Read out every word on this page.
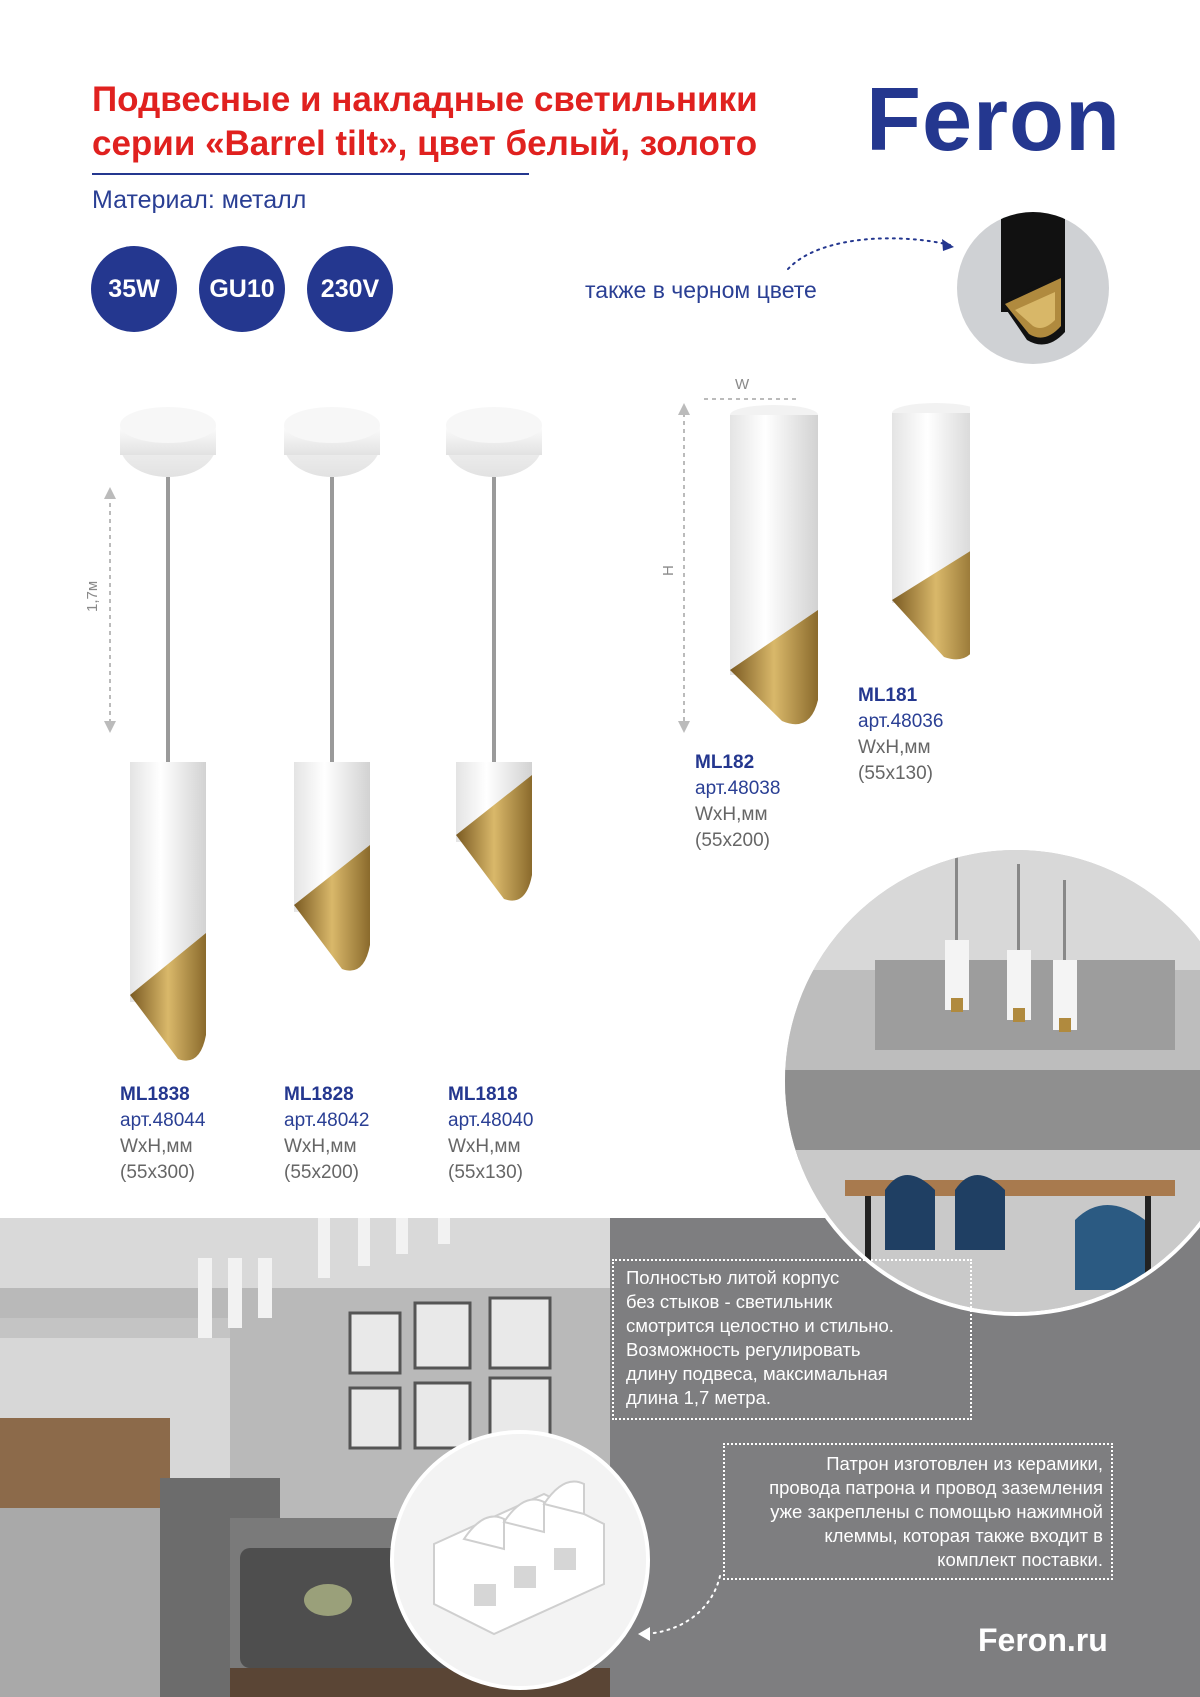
Подвесные и накладные светильники
серии «Barrel tilt», цвет белый, золото
Материал: металл
Feron
35W	GU10	230V	также в черном цвете
1,7м
ML1838
арт.48044
WxH,мм
(55x300)
ML1828
арт.48042
WxH,мм
(55x200)
ML1818
арт.48040
WxH,мм
(55x130)
W
H
ML182
арт.48038
WxH,мм
(55x200)
ML181
арт.48036
WxH,мм
(55x130)
Полностью литой корпус
без стыков - светильник
смотрится целостно и стильно.
Возможность регулировать
длину подвеса, максимальная
длина 1,7 метра.
Патрон изготовлен из керамики,
провода патрона и провод заземления
уже закреплены с помощью нажимной
клеммы, которая также входит в
комплект поставки.
Feron.ru
